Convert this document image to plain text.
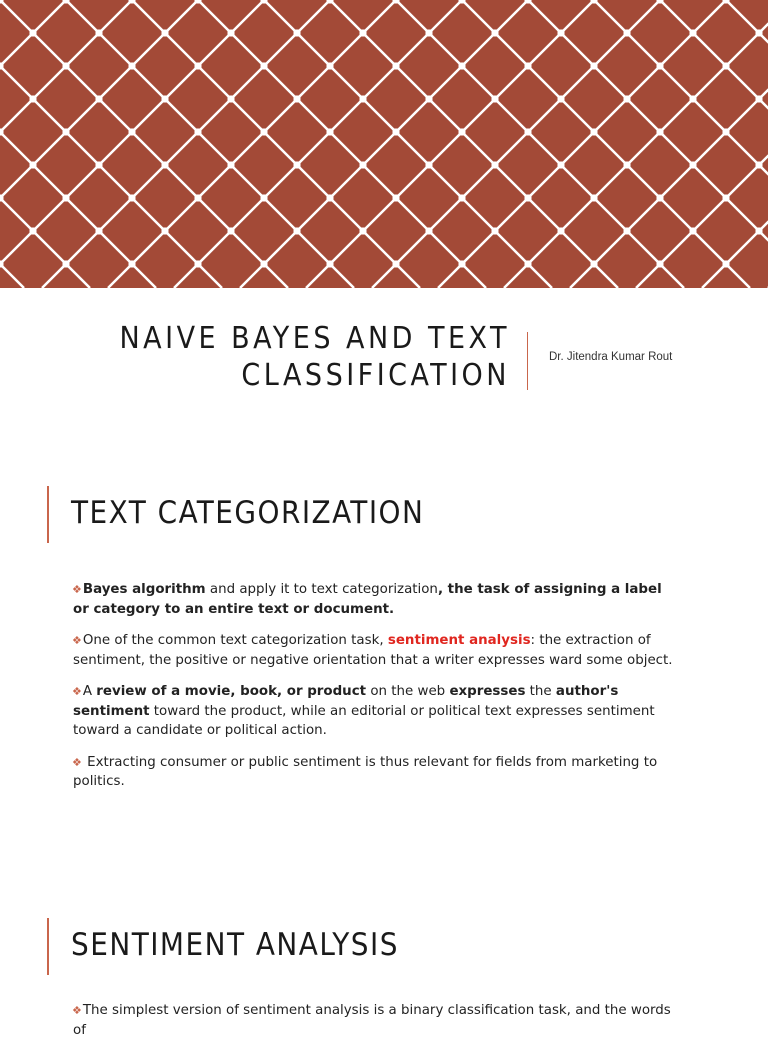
NAIVE BAYES AND TEXT
CLASSIFICATION
Dr. Jitendra Kumar Rout
TEXT CATEGORIZATION
❖Bayes algorithm and apply it to text categorization, the task of assigning a label or category to an entire text or document.
❖One of the common text categorization task, sentiment analysis: the extraction of sentiment, the positive or negative orientation that a writer expresses ward some object.
❖A review of a movie, book, or product on the web expresses the author's sentiment toward the product, while an editorial or political text expresses sentiment toward a candidate or political action.
❖ Extracting consumer or public sentiment is thus relevant for fields from marketing to politics.
SENTIMENT ANALYSIS
❖The simplest version of sentiment analysis is a binary classification task, and the words of
